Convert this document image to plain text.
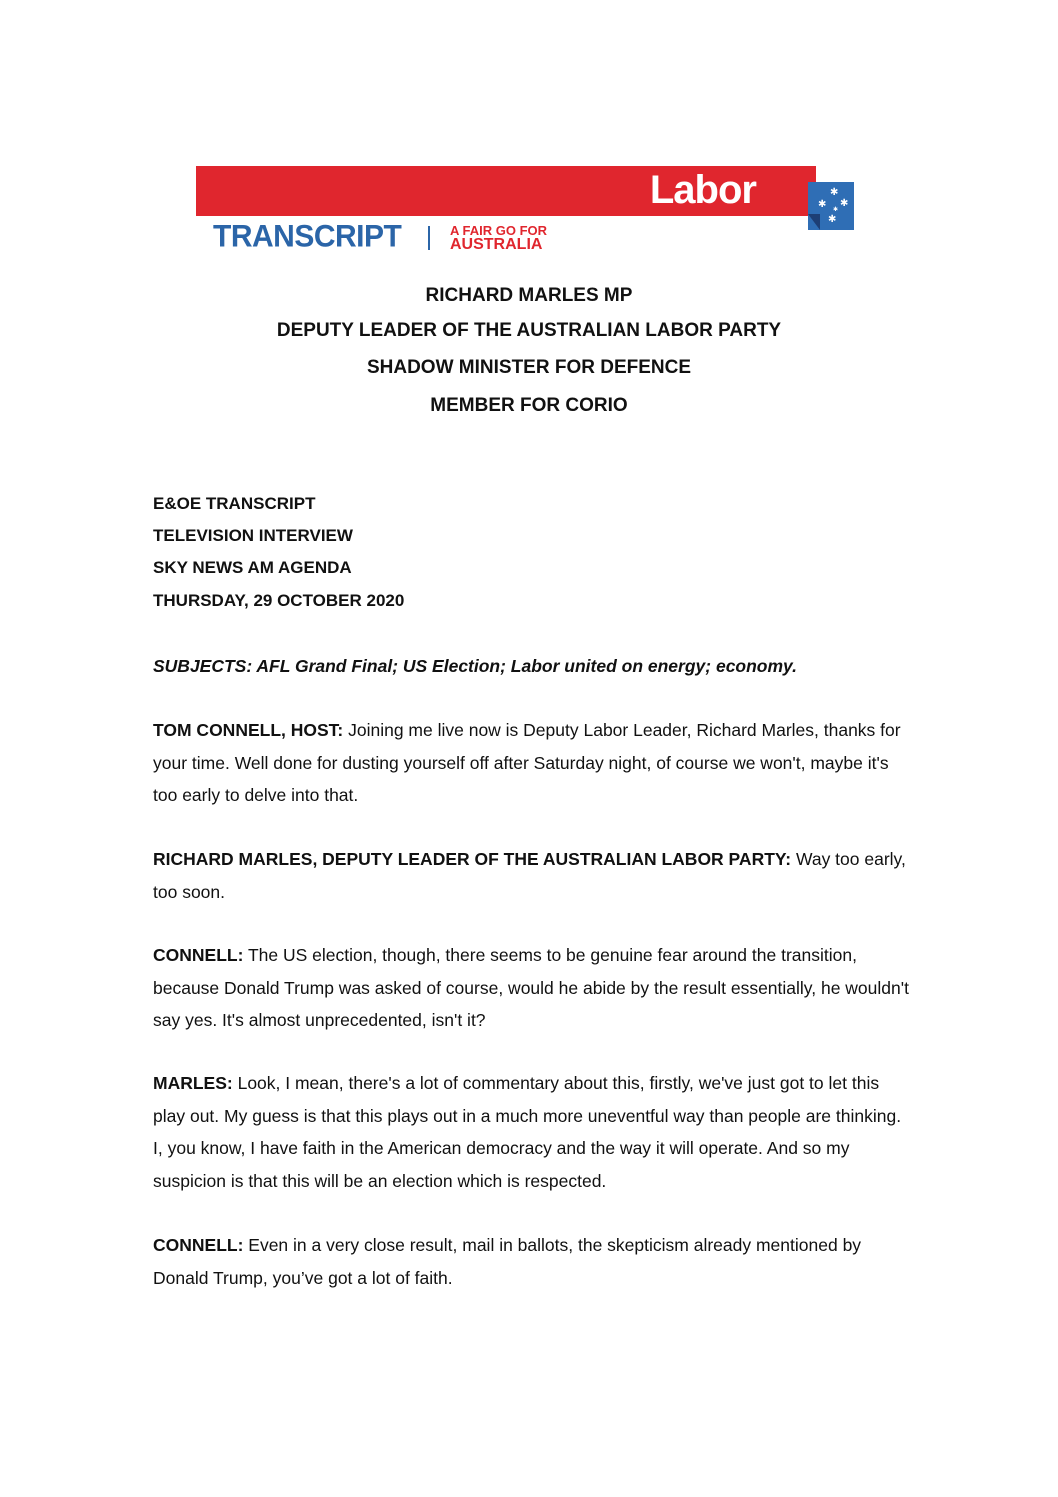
Labor	✱
✱ ✱
✱
✱
TRANSCRIPT	A FAIR GO FOR
AUSTRALIA
RICHARD MARLES MP
DEPUTY LEADER OF THE AUSTRALIAN LABOR PARTY
SHADOW MINISTER FOR DEFENCE
MEMBER FOR CORIO
E&OE TRANSCRIPT
TELEVISION INTERVIEW
SKY NEWS AM AGENDA
THURSDAY, 29 OCTOBER 2020
SUBJECTS: AFL Grand Final; US Election; Labor united on energy; economy.
TOM CONNELL, HOST: Joining me live now is Deputy Labor Leader, Richard Marles, thanks for your time. Well done for dusting yourself off after Saturday night, of course we won't, maybe it's too early to delve into that.
RICHARD MARLES, DEPUTY LEADER OF THE AUSTRALIAN LABOR PARTY: Way too early, too soon.
CONNELL: The US election, though, there seems to be genuine fear around the transition, because Donald Trump was asked of course, would he abide by the result essentially, he wouldn't say yes. It's almost unprecedented, isn't it?
MARLES: Look, I mean, there's a lot of commentary about this, firstly, we've just got to let this play out. My guess is that this plays out in a much more uneventful way than people are thinking. I, you know, I have faith in the American democracy and the way it will operate. And so my suspicion is that this will be an election which is respected.
CONNELL: Even in a very close result, mail in ballots, the skepticism already mentioned by Donald Trump, you’ve got a lot of faith.
